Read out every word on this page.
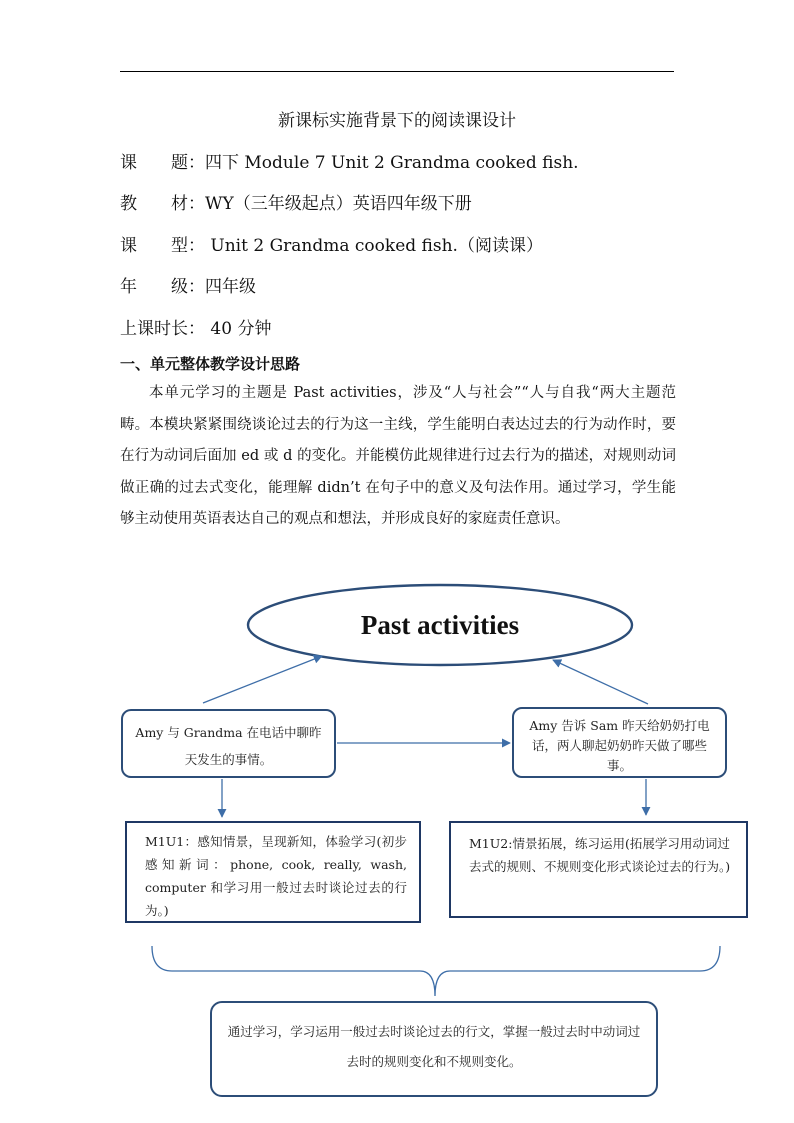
新课标实施背景下的阅读课设计
课　　题：四下 Module 7 Unit 2 Grandma cooked fish.
教　　材：WY（三年级起点）英语四年级下册
课　　型： Unit 2 Grandma cooked fish.（阅读课）
年　　级：四年级
上课时长： 40 分钟
一、单元整体教学设计思路
本单元学习的主题是 Past activities，涉及“人与社会”“人与自我“两大主题范畴。本模块紧紧围绕谈论过去的行为这一主线，学生能明白表达过去的行为动作时，要在行为动词后面加 ed 或 d 的变化。并能模仿此规律进行过去行为的描述，对规则动词做正确的过去式变化，能理解 didn’t 在句子中的意义及句法作用。通过学习，学生能够主动使用英语表达自己的观点和想法，并形成良好的家庭责任意识。
Past activities
Amy 与 Grandma 在电话中聊昨天发生的事情。
Amy 告诉 Sam 昨天给奶奶打电话，两人聊起奶奶昨天做了哪些事。
M1U1：感知情景，呈现新知，体验学习(初步感知新词：phone, cook, really, wash, computer 和学习用一般过去时谈论过去的行为。)
M1U2:情景拓展，练习运用(拓展学习用动词过去式的规则、不规则变化形式谈论过去的行为。)
通过学习，学习运用一般过去时谈论过去的行文，掌握一般过去时中动词过去时的规则变化和不规则变化。
